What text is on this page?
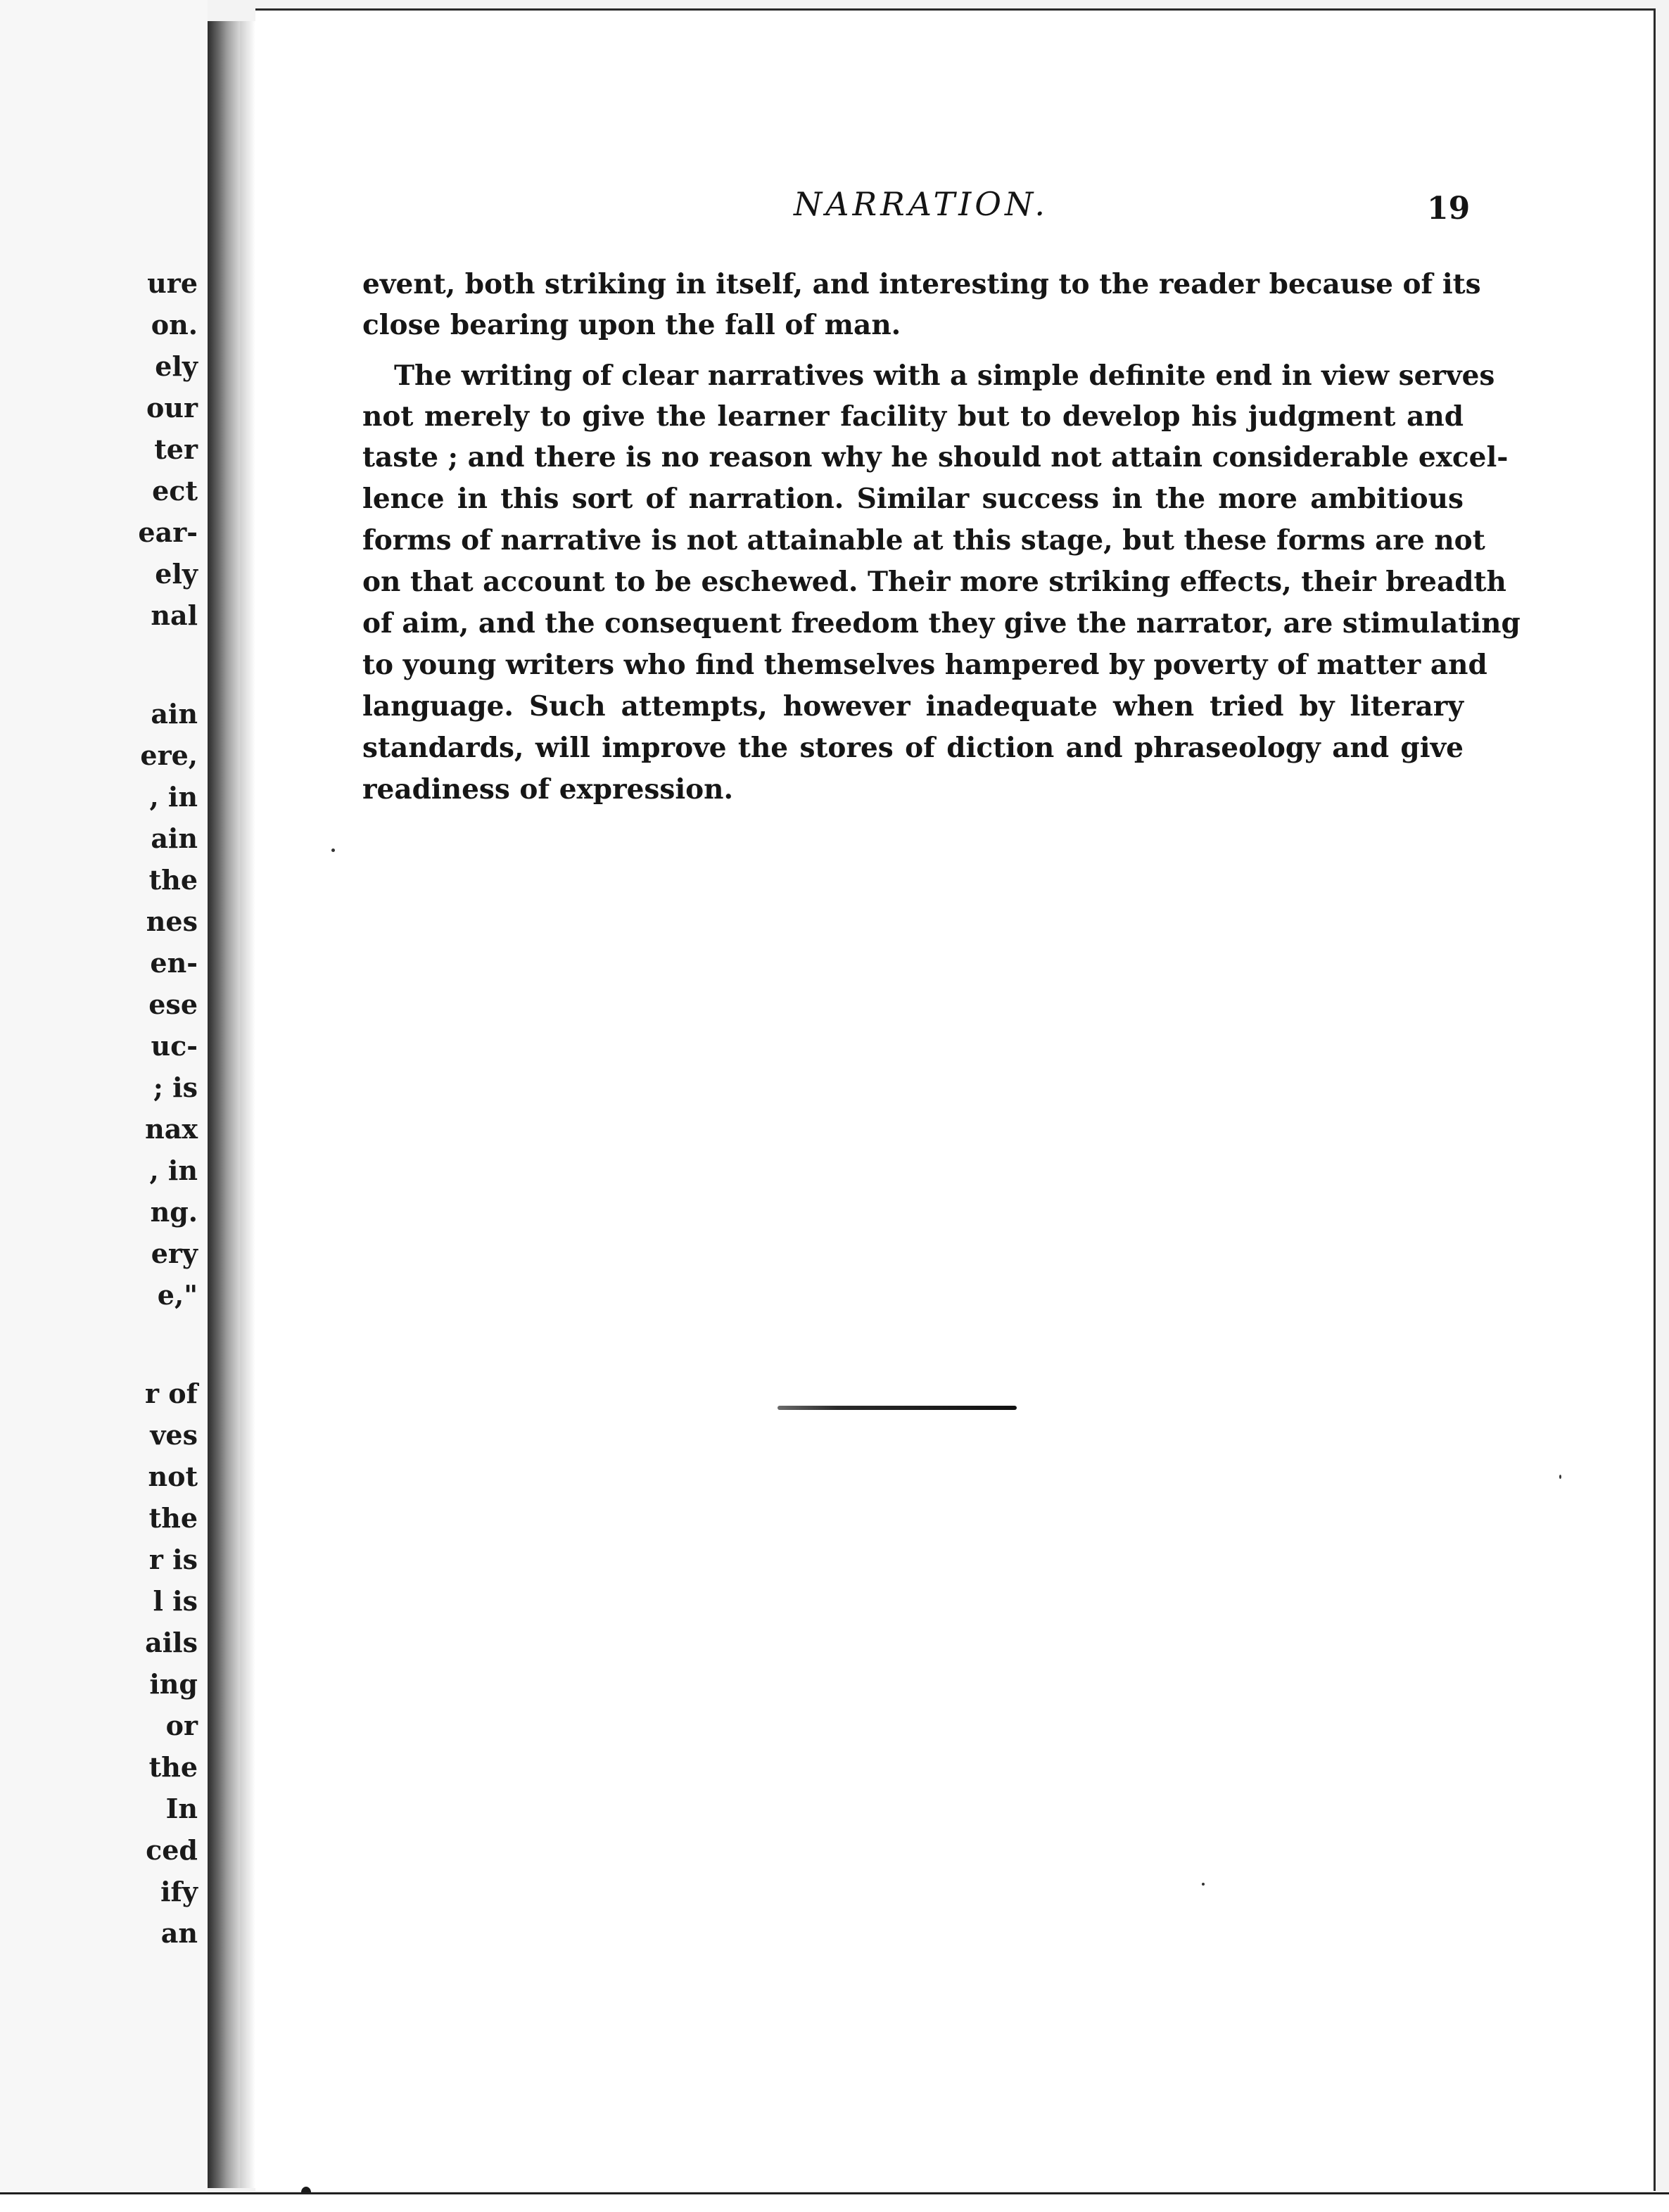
ure
on.
ely
our
ter
ect
ear-
ely
nal
ain
ere,
, in
ain
the
nes
en-
ese
uc-
; is
nax
, in
ng.
ery
e,"
r of
ves
not
the
r is
l is
ails
ing
or
the
In
ced
ify
an
NARRATION.	19
event, both striking in itself, and interesting to the reader because of its
close bearing upon the fall of man.
The writing of clear narratives with a simple definite end in view serves
not merely to give the learner facility but to develop his judgment and
taste ; and there is no reason why he should not attain considerable excel-
lence in this sort of narration. Similar success in the more ambitious
forms of narrative is not attainable at this stage, but these forms are not
on that account to be eschewed. Their more striking effects, their breadth
of aim, and the consequent freedom they give the narrator, are stimulating
to young writers who find themselves hampered by poverty of matter and
language. Such attempts, however inadequate when tried by literary
standards, will improve the stores of diction and phraseology and give
readiness of expression.
